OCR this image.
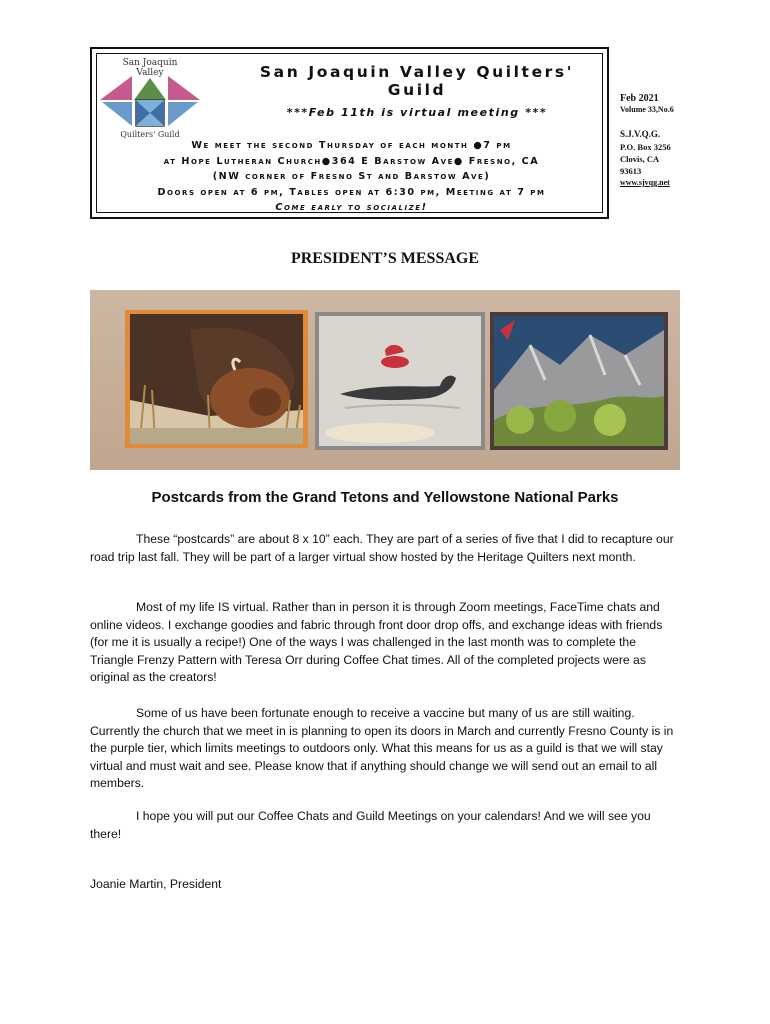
San Joaquin
Valley
Quilters' Guild
San Joaquin Valley Quilters' Guild
***Feb 11th is virtual meeting ***
We meet the second Thursday of each month ●7 pm
at Hope Lutheran Church●364 E Barstow Ave● Fresno, CA
(NW corner of Fresno St and Barstow Ave)
Doors open at 6 pm, Tables open at 6:30 pm, Meeting at 7 pm
Come early to socialize!
Feb 2021
Volume 33,No.6
S.J.V.Q.G.
P.O. Box 3256
Clovis, CA
93613
www.sjvqg.net
PRESIDENT’S MESSAGE
Postcards from the Grand Tetons and Yellowstone National Parks

These “postcards” are about 8 x 10” each. They are part of a series of five that I did to recapture our road trip last fall. They will be part of a larger virtual show hosted by the Heritage Quilters next month.

Most of my life IS virtual. Rather than in person it is through Zoom meetings, FaceTime chats and online videos. I exchange goodies and fabric through front door drop offs, and exchange ideas with friends (for me it is usually a recipe!) One of the ways I was challenged in the last month was to complete the Triangle Frenzy Pattern with Teresa Orr during Coffee Chat times. All of the completed projects were as original as the creators!

Some of us have been fortunate enough to receive a vaccine but many of us are still waiting. Currently the church that we meet in is planning to open its doors in March and currently Fresno County is in the purple tier, which limits meetings to outdoors only. What this means for us as a guild is that we will stay virtual and must wait and see. Please know that if anything should change we will send out an email to all members.

I hope you will put our Coffee Chats and Guild Meetings on your calendars! And we will see you there!

Joanie Martin, President
